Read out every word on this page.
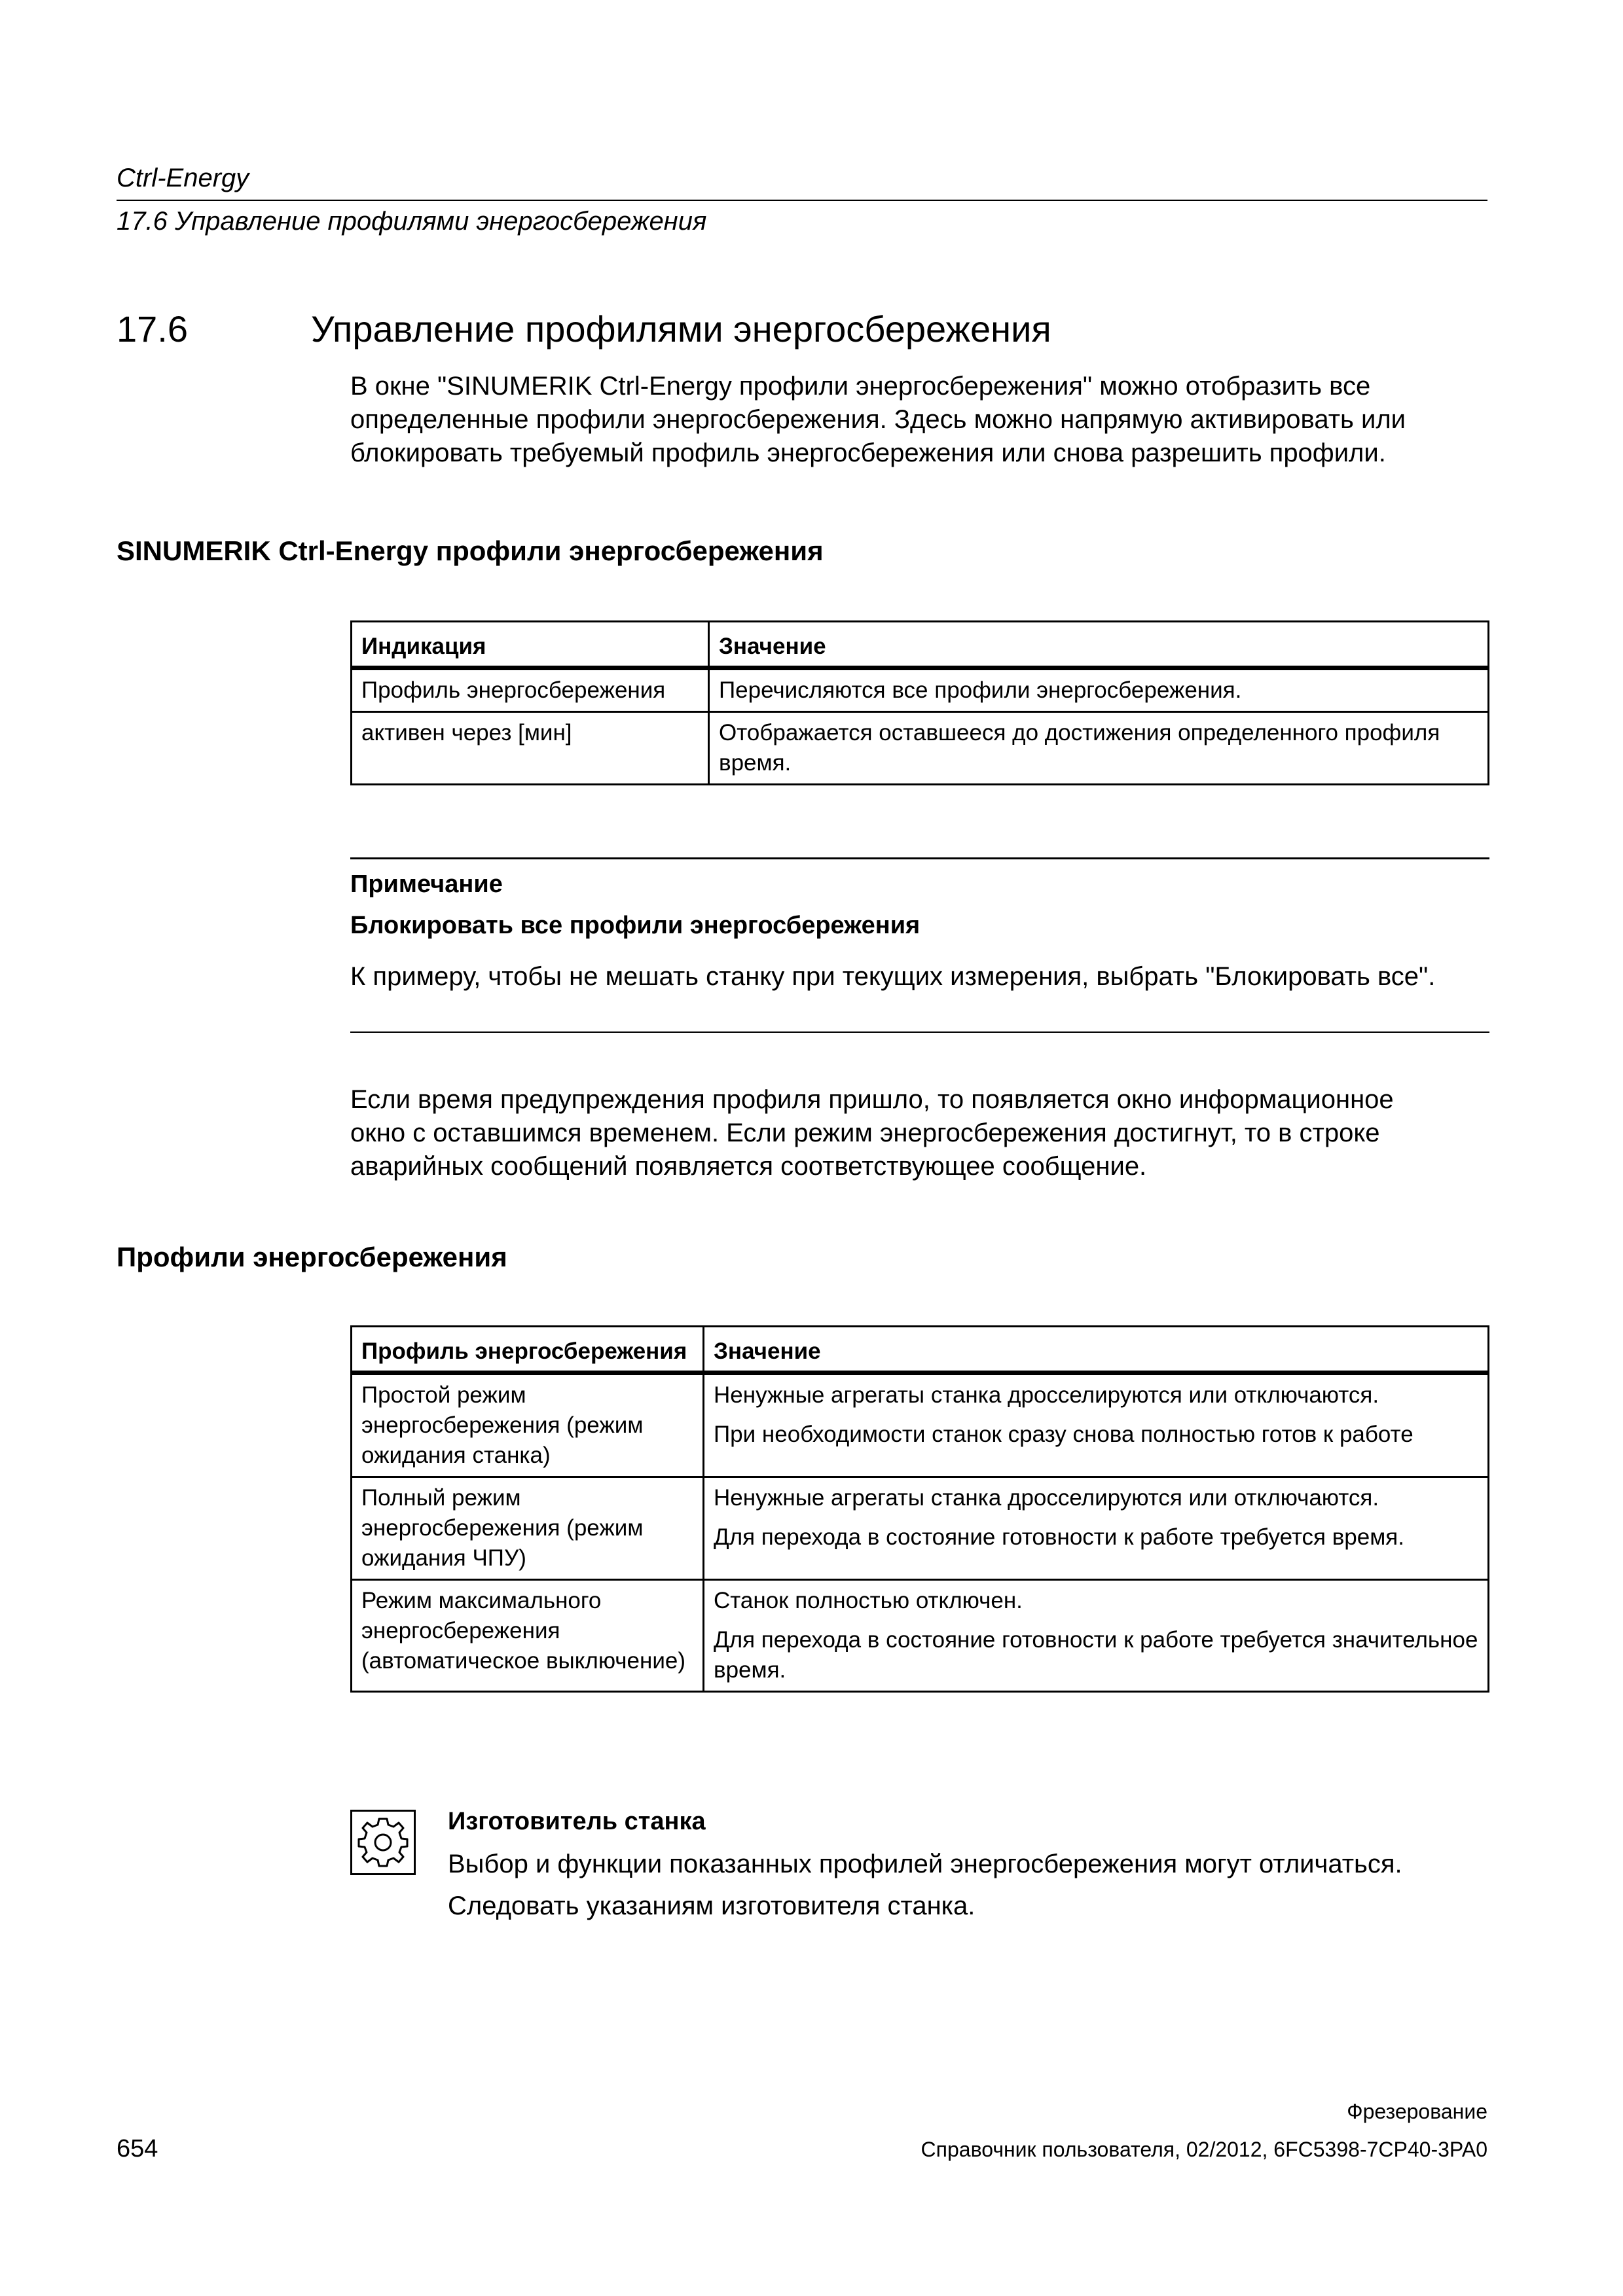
Ctrl-Energy
17.6 Управление профилями энергосбережения
17.6	Управление профилями энергосбережения
В окне "SINUMERIK Ctrl-Energy профили энергосбережения" можно отобразить все
определенные профили энергосбережения. Здесь можно напрямую активировать или
блокировать требуемый профиль энергосбережения или снова разрешить профили.
SINUMERIK Ctrl-Energy профили энергосбережения
Индикация	Значение
Профиль энергосбережения	Перечисляются все профили энергосбережения.
активен через [мин]	Отображается оставшееся до достижения определенного профиля время.
Примечание
Блокировать все профили энергосбережения
К примеру, чтобы не мешать станку при текущих измерения, выбрать "Блокировать все".
Если время предупреждения профиля пришло, то появляется окно информационное
окно с оставшимся временем. Если режим энергосбережения достигнут, то в строке
аварийных сообщений появляется соответствующее сообщение.
Профили энергосбережения
Профиль энергосбережения	Значение
Простой режим энергосбережения (режим ожидания станка)	Ненужные агрегаты станка дросселируются или отключаются.
При необходимости станок сразу снова полностью готов к работе

Полный режим энергосбережения (режим ожидания ЧПУ)	Ненужные агрегаты станка дросселируются или отключаются.
Для перехода в состояние готовности к работе требуется время.

Режим максимального энергосбережения (автоматическое выключение)	Станок полностью отключен.
Для перехода в состояние готовности к работе требуется значительное время.
Изготовитель станка
Выбор и функции показанных профилей энергосбережения могут отличаться.
Следовать указаниям изготовителя станка.
Фрезерование
654	Справочник пользователя, 02/2012, 6FC5398-7CP40-3PA0
